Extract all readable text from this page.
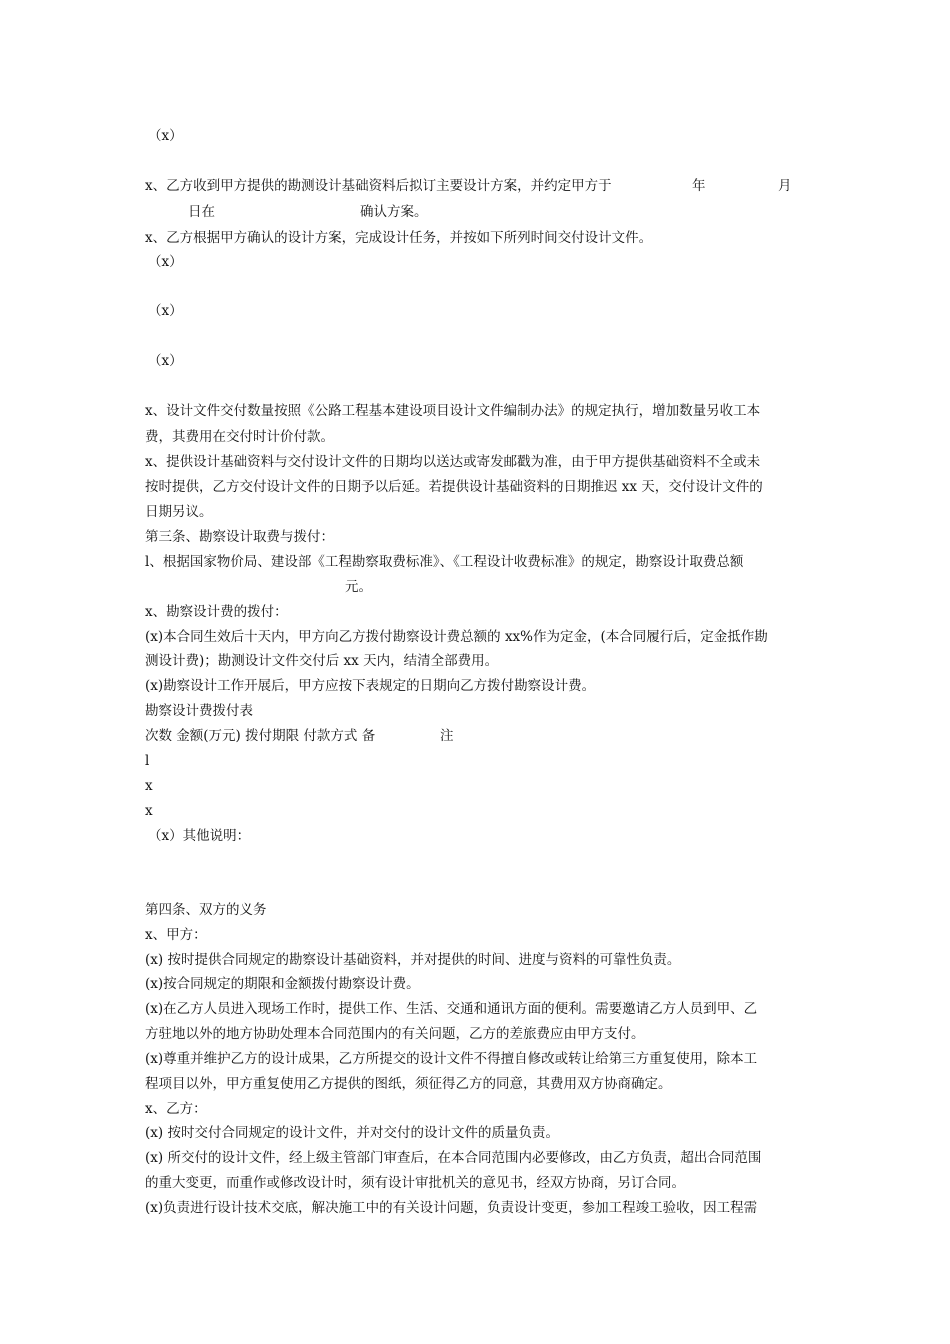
（x）
x、乙方收到甲方提供的勘测设计基础资料后拟订主要设计方案，并约定甲方于	年	月
日在	确认方案。
x、乙方根据甲方确认的设计方案，完成设计任务，并按如下所列时间交付设计文件。
（x）
（x）
（x）
x、设计文件交付数量按照《公路工程基本建设项目设计文件编制办法》的规定执行，增加数量另收工本
费，其费用在交付时计价付款。
x、提供设计基础资料与交付设计文件的日期均以送达或寄发邮戳为准，由于甲方提供基础资料不全或未
按时提供，乙方交付设计文件的日期予以后延。若提供设计基础资料的日期推迟 xx 天，交付设计文件的
日期另议。
第三条、勘察设计取费与拨付：
l、根据国家物价局、建设部《工程勘察取费标准》、《工程设计收费标准》的规定，勘察设计取费总额
元。
x、勘察设计费的拨付：
(x)本合同生效后十天内，甲方向乙方拨付勘察设计费总额的 xx%作为定金，(本合同履行后，定金抵作勘
测设计费)；勘测设计文件交付后 xx 天内，结清全部费用。
(x)勘察设计工作开展后，甲方应按下表规定的日期向乙方拨付勘察设计费。
勘察设计费拨付表
次数 金额(万元) 拨付期限 付款方式 备	注
l
x
x
（x）其他说明：
第四条、双方的义务
x、甲方：
(x) 按时提供合同规定的勘察设计基础资料，并对提供的时间、进度与资料的可靠性负责。
(x)按合同规定的期限和金额拨付勘察设计费。
(x)在乙方人员进入现场工作时，提供工作、生活、交通和通讯方面的便利。需要邀请乙方人员到甲、乙
方驻地以外的地方协助处理本合同范围内的有关问题，乙方的差旅费应由甲方支付。
(x)尊重并维护乙方的设计成果，乙方所提交的设计文件不得擅自修改或转让给第三方重复使用，除本工
程项目以外，甲方重复使用乙方提供的图纸，须征得乙方的同意，其费用双方协商确定。
x、乙方：
(x) 按时交付合同规定的设计文件，并对交付的设计文件的质量负责。
(x) 所交付的设计文件，经上级主管部门审查后，在本合同范围内必要修改，由乙方负责，超出合同范围
的重大变更，而重作或修改设计时，须有设计审批机关的意见书，经双方协商，另订合同。
(x)负责进行设计技术交底，解决施工中的有关设计问题，负责设计变更，参加工程竣工验收，因工程需
